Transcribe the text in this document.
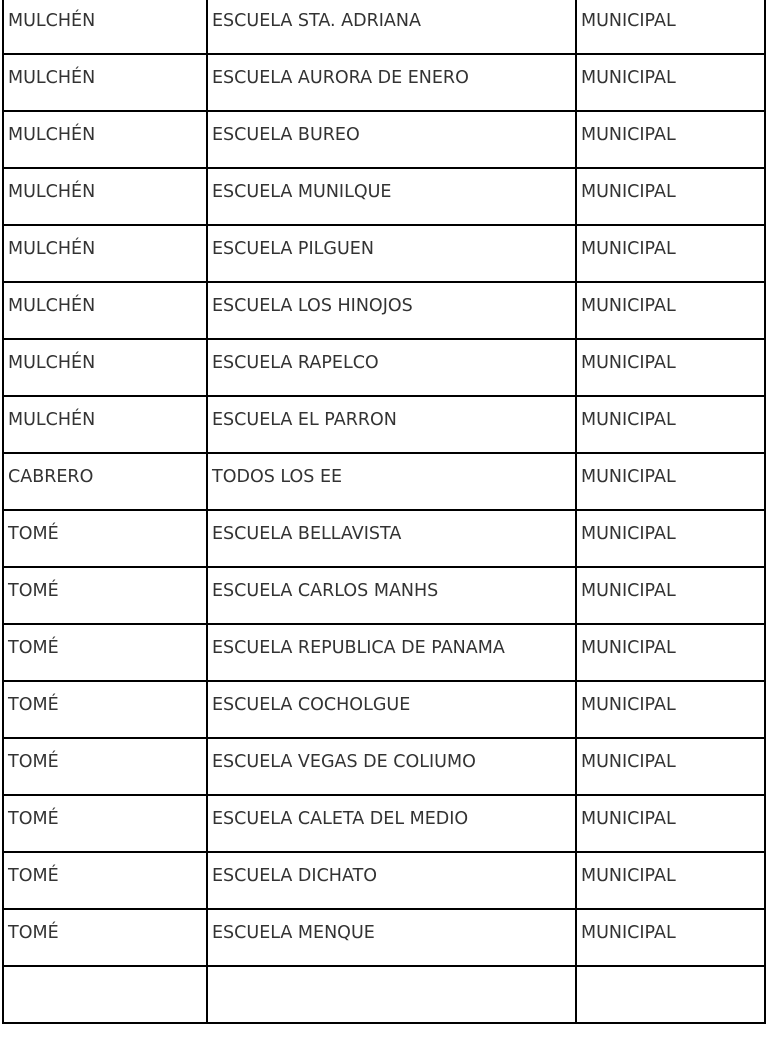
MULCHÉN	ESCUELA STA. ADRIANA	MUNICIPAL

MULCHÉN	ESCUELA AURORA DE ENERO	MUNICIPAL

MULCHÉN	ESCUELA BUREO	MUNICIPAL

MULCHÉN	ESCUELA MUNILQUE	MUNICIPAL

MULCHÉN	ESCUELA PILGUEN	MUNICIPAL

MULCHÉN	ESCUELA LOS HINOJOS	MUNICIPAL

MULCHÉN	ESCUELA RAPELCO	MUNICIPAL

MULCHÉN	ESCUELA EL PARRON	MUNICIPAL

CABRERO	TODOS LOS EE	MUNICIPAL

TOMÉ	ESCUELA BELLAVISTA	MUNICIPAL

TOMÉ	ESCUELA CARLOS MANHS	MUNICIPAL

TOMÉ	ESCUELA REPUBLICA DE PANAMA	MUNICIPAL

TOMÉ	ESCUELA COCHOLGUE	MUNICIPAL

TOMÉ	ESCUELA VEGAS DE COLIUMO	MUNICIPAL

TOMÉ	ESCUELA CALETA DEL MEDIO	MUNICIPAL

TOMÉ	ESCUELA DICHATO	MUNICIPAL

TOMÉ	ESCUELA MENQUE	MUNICIPAL
